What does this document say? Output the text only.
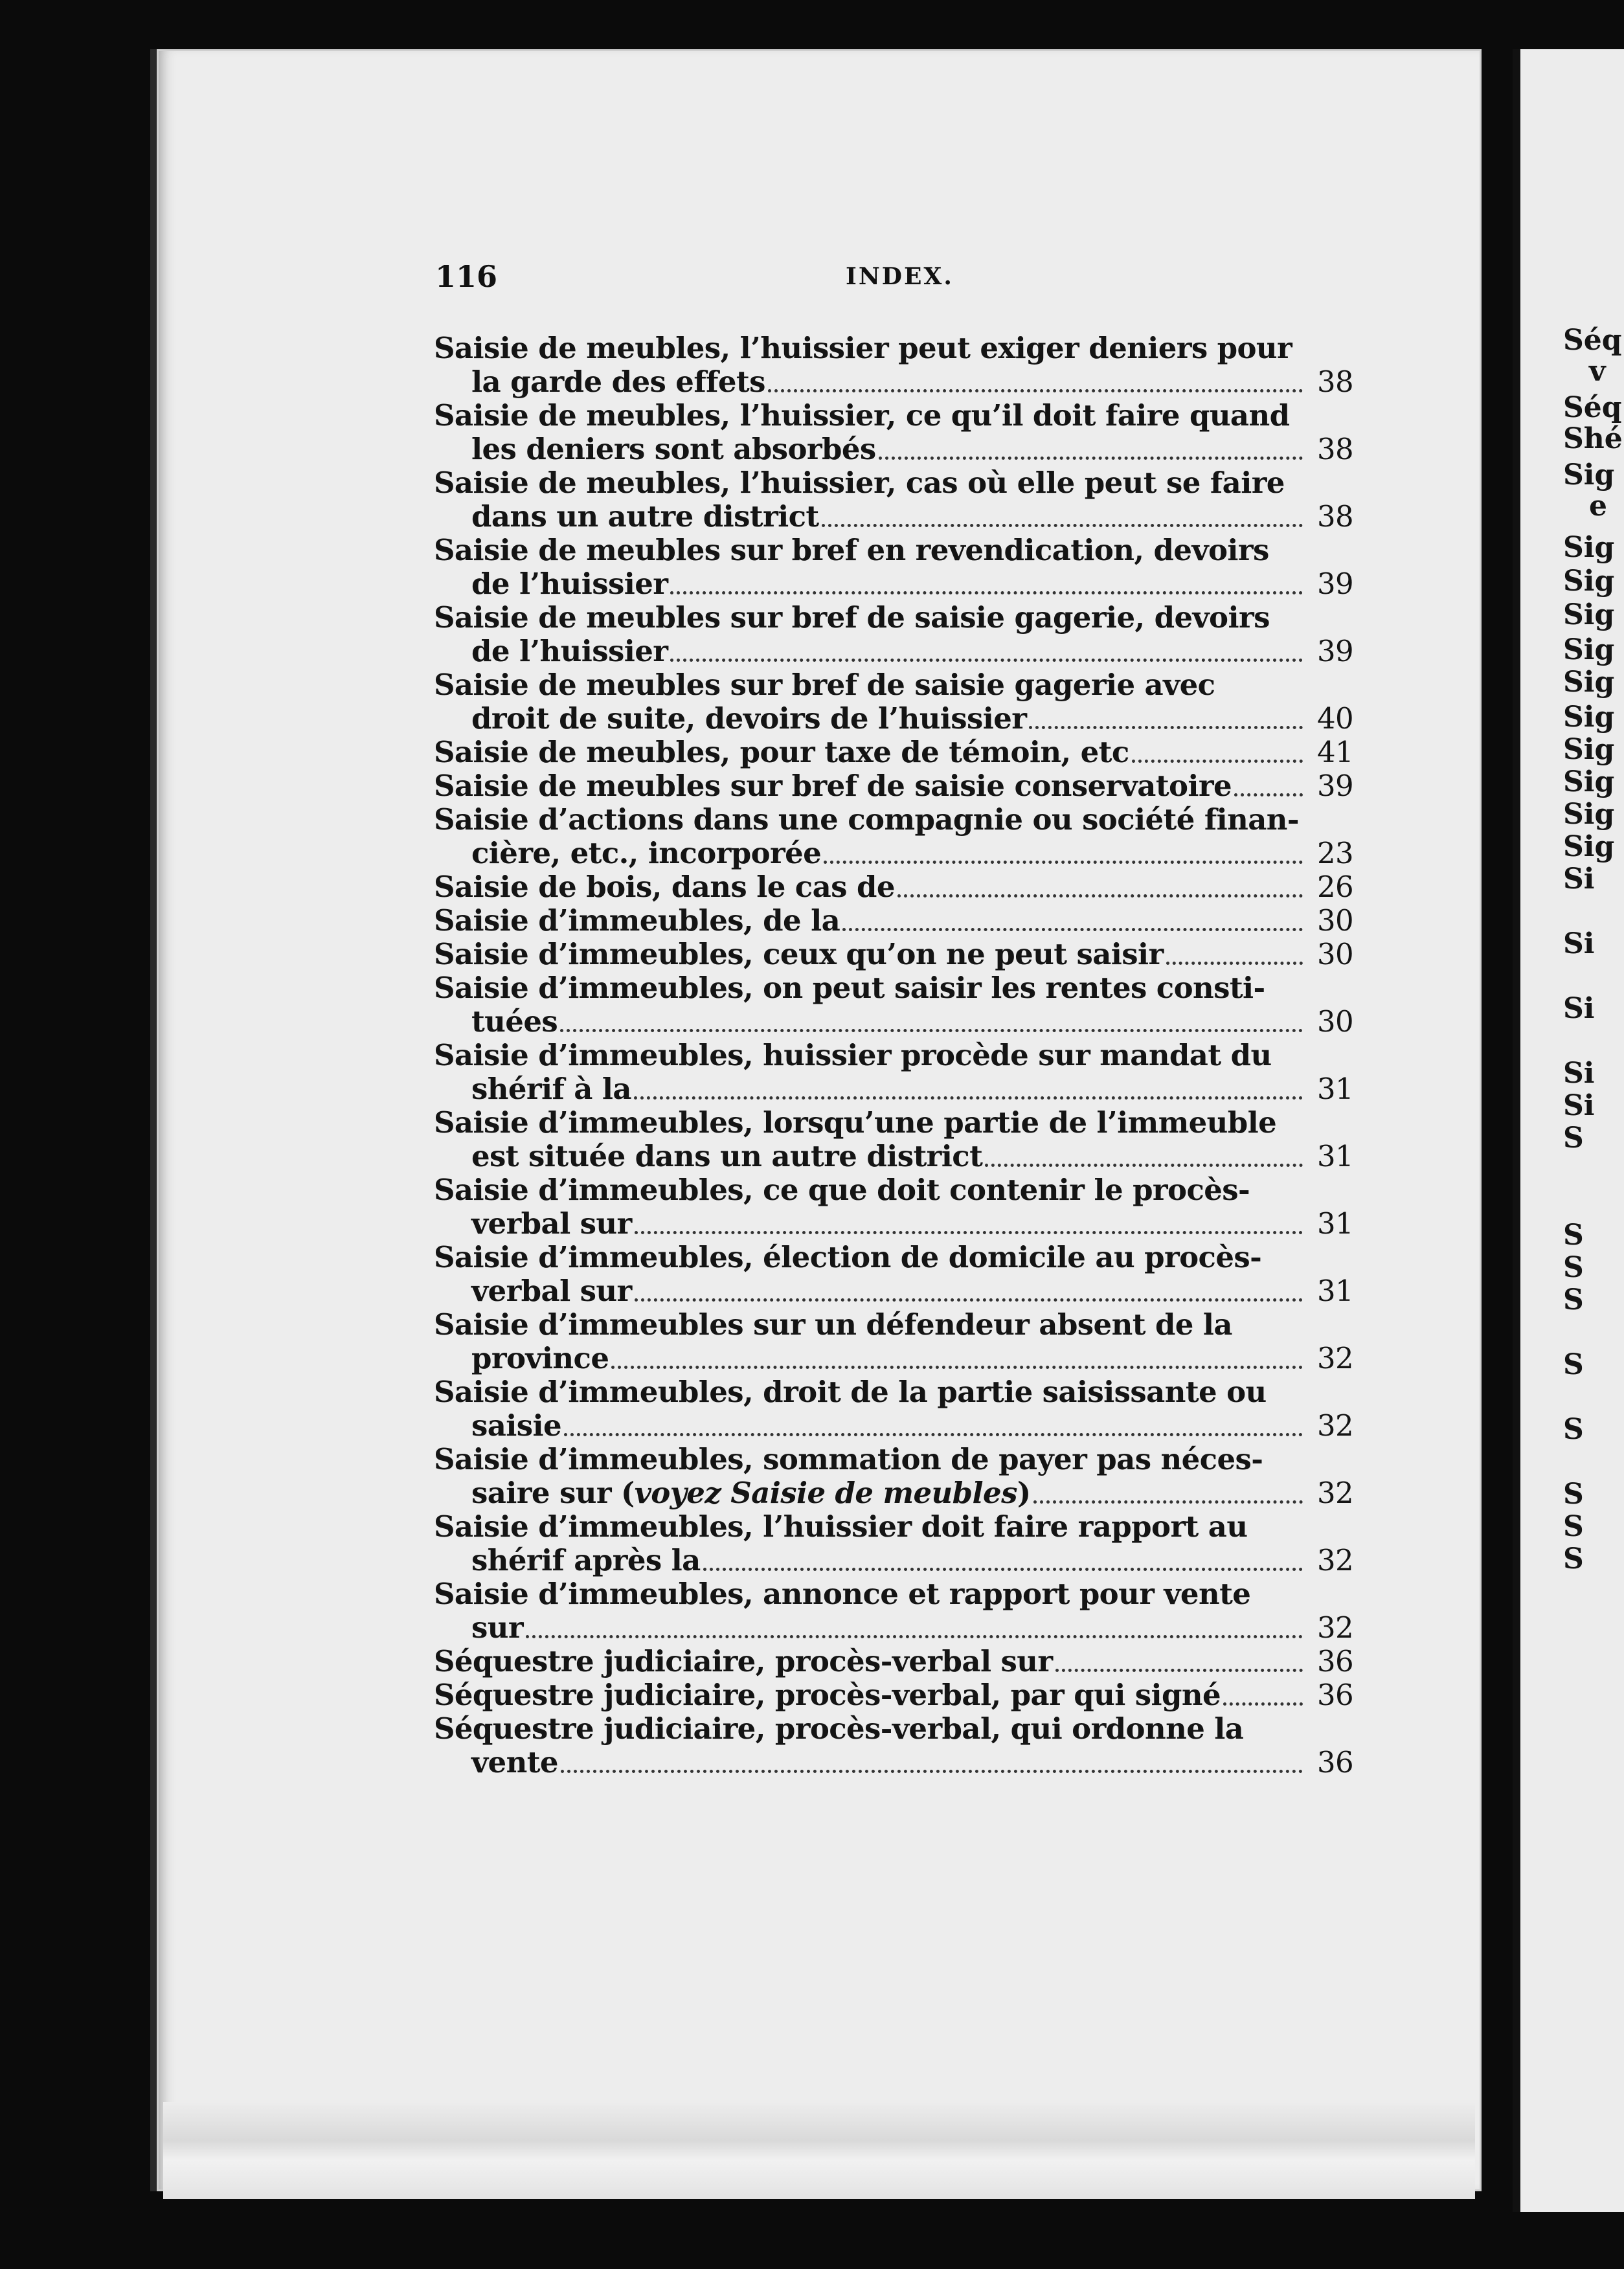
116	INDEX.
Saisie de meubles, l’huissier peut exiger deniers pour
la garde des effets	38
Saisie de meubles, l’huissier, ce qu’il doit faire quand
les deniers sont absorbés	38
Saisie de meubles, l’huissier, cas où elle peut se faire
dans un autre district	38
Saisie de meubles sur bref en revendication, devoirs
de l’huissier	39
Saisie de meubles sur bref de saisie gagerie, devoirs
de l’huissier	39
Saisie de meubles sur bref de saisie gagerie avec
droit de suite, devoirs de l’huissier	40
Saisie de meubles, pour taxe de témoin, etc	41
Saisie de meubles sur bref de saisie conservatoire	39
Saisie d’actions dans une compagnie ou société finan-
cière, etc., incorporée	23
Saisie de bois, dans le cas de	26
Saisie d’immeubles, de la	30
Saisie d’immeubles, ceux qu’on ne peut saisir	30
Saisie d’immeubles, on peut saisir les rentes consti-
tuées	30
Saisie d’immeubles, huissier procède sur mandat du
shérif à la	31
Saisie d’immeubles, lorsqu’une partie de l’immeuble
est située dans un autre district	31
Saisie d’immeubles, ce que doit contenir le procès-
verbal sur	31
Saisie d’immeubles, élection de domicile au procès-
verbal sur	31
Saisie d’immeubles sur un défendeur absent de la
province	32
Saisie d’immeubles, droit de la partie saisissante ou
saisie	32
Saisie d’immeubles, sommation de payer pas néces-
saire sur (voyez Saisie de meubles)	32
Saisie d’immeubles, l’huissier doit faire rapport au
shérif après la	32
Saisie d’immeubles, annonce et rapport pour vente
sur	32
Séquestre judiciaire, procès-verbal sur	36
Séquestre judiciaire, procès-verbal, par qui signé	36
Séquestre judiciaire, procès-verbal, qui ordonne la
vente	36
Séq
v
Séq
Shé
Sig
e
Sig
Sig
Sig
Sig
Sig
Sig
Sig
Sig
Sig
Sig
Si
Si
Si
Si
Si
S
S
S
S
S
S
S
S
S
